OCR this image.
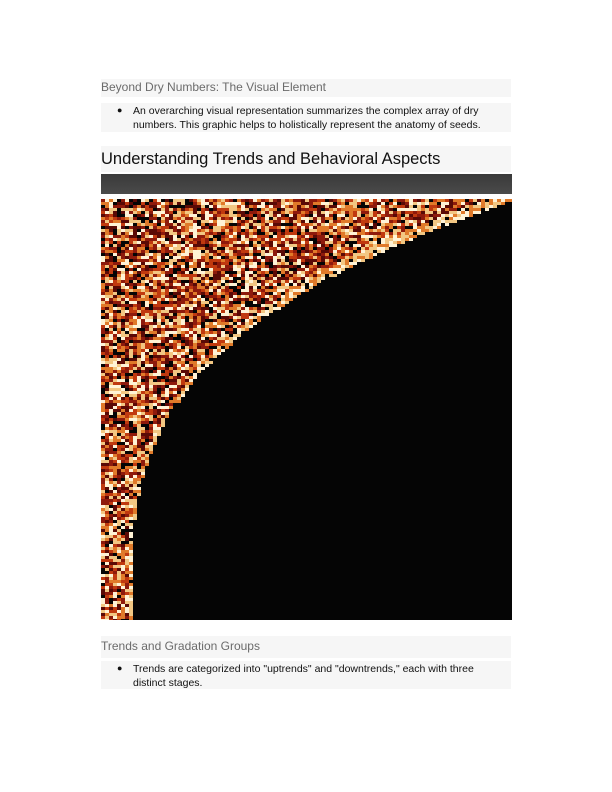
Beyond Dry Numbers: The Visual Element
● An overarching visual representation summarizes the complex array of dry numbers. This graphic helps to holistically represent the anatomy of seeds.
Understanding Trends and Behavioral Aspects
Trends and Gradation Groups
● Trends are categorized into "uptrends" and "downtrends," each with three distinct stages.
